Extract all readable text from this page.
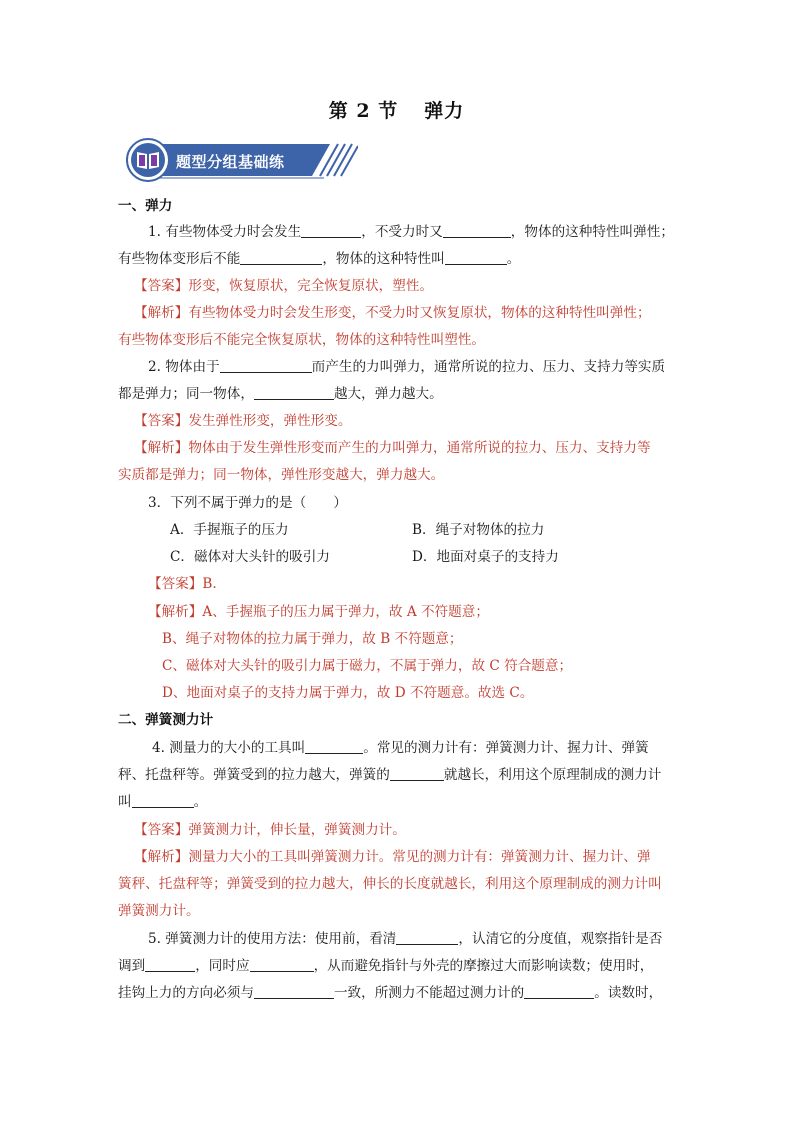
第 2 节 弹力
题型分组基础练
一、弹力
1. 有些物体受力时会发生	，不受力时又	，物体的这种特性叫弹性；
有些物体变形后不能	，物体的这种特性叫	。
【答案】形变，恢复原状，完全恢复原状，塑性。
【解析】有些物体受力时会发生形变，不受力时又恢复原状，物体的这种特性叫弹性；
有些物体变形后不能完全恢复原状，物体的这种特性叫塑性。
2. 物体由于	而产生的力叫弹力，通常所说的拉力、压力、支持力等实质
都是弹力；同一物体，	越大，弹力越大。
【答案】发生弹性形变，弹性形变。
【解析】物体由于发生弹性形变而产生的力叫弹力，通常所说的拉力、压力、支持力等
实质都是弹力；同一物体，弹性形变越大，弹力越大。
3．下列不属于弹力的是（　　）
A．手握瓶子的压力	B．绳子对物体的拉力
C．磁体对大头针的吸引力	D．地面对桌子的支持力
【答案】B.
【解析】A、手握瓶子的压力属于弹力，故 A 不符题意；
B、绳子对物体的拉力属于弹力，故 B 不符题意；
C、磁体对大头针的吸引力属于磁力，不属于弹力，故 C 符合题意；
D、地面对桌子的支持力属于弹力，故 D 不符题意。故选 C。
二、弹簧测力计
4. 测量力的大小的工具叫	。常见的测力计有：弹簧测力计、握力计、弹簧
秤、托盘秤等。弹簧受到的拉力越大，弹簧的	就越长，利用这个原理制成的测力计
叫	。
【答案】弹簧测力计，伸长量，弹簧测力计。
【解析】测量力大小的工具叫弹簧测力计。常见的测力计有：弹簧测力计、握力计、弹
簧秤、托盘秤等；弹簧受到的拉力越大，伸长的长度就越长，利用这个原理制成的测力计叫
弹簧测力计。
5. 弹簧测力计的使用方法：使用前，看清	，认清它的分度值，观察指针是否
调到	，同时应	，从而避免指针与外壳的摩擦过大而影响读数；使用时，
挂钩上力的方向必须与	一致，所测力不能超过测力计的	。读数时，
